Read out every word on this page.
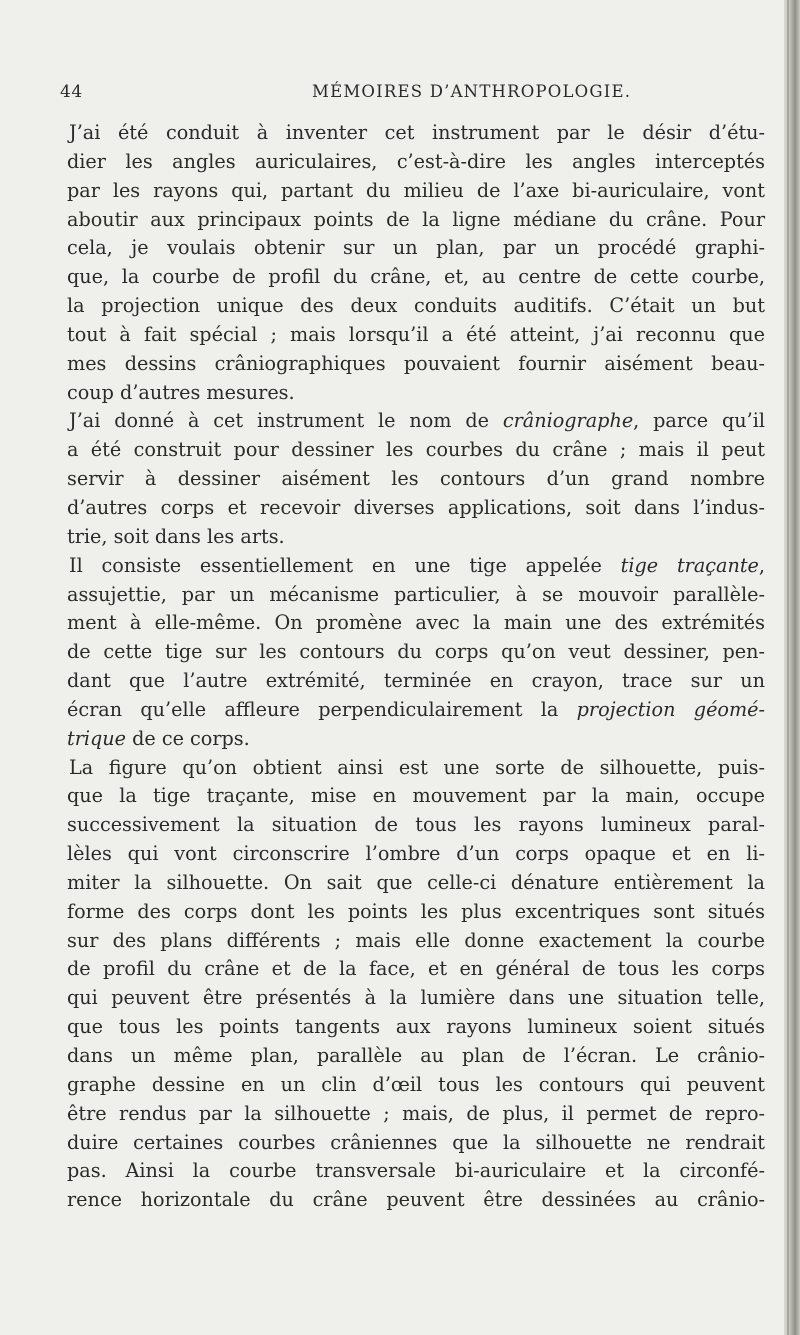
44	MÉMOIRES D’ANTHROPOLOGIE.
J’ai été conduit à inventer cet instrument par le désir d’étu-
dier les angles auriculaires, c’est-à-dire les angles interceptés
par les rayons qui, partant du milieu de l’axe bi-auriculaire, vont
aboutir aux principaux points de la ligne médiane du crâne. Pour
cela, je voulais obtenir sur un plan, par un procédé graphi-
que, la courbe de profil du crâne, et, au centre de cette courbe,
la projection unique des deux conduits auditifs. C’était un but
tout à fait spécial ; mais lorsqu’il a été atteint, j’ai reconnu que
mes dessins crâniographiques pouvaient fournir aisément beau-
coup d’autres mesures.
J’ai donné à cet instrument le nom de crâniographe, parce qu’il
a été construit pour dessiner les courbes du crâne ; mais il peut
servir à dessiner aisément les contours d’un grand nombre
d’autres corps et recevoir diverses applications, soit dans l’indus-
trie, soit dans les arts.
Il consiste essentiellement en une tige appelée tige traçante,
assujettie, par un mécanisme particulier, à se mouvoir parallèle-
ment à elle-même. On promène avec la main une des extrémités
de cette tige sur les contours du corps qu’on veut dessiner, pen-
dant que l’autre extrémité, terminée en crayon, trace sur un
écran qu’elle affleure perpendiculairement la projection géomé-
trique de ce corps.
La figure qu’on obtient ainsi est une sorte de silhouette, puis-
que la tige traçante, mise en mouvement par la main, occupe
successivement la situation de tous les rayons lumineux paral-
lèles qui vont circonscrire l’ombre d’un corps opaque et en li-
miter la silhouette. On sait que celle-ci dénature entièrement la
forme des corps dont les points les plus excentriques sont situés
sur des plans différents ; mais elle donne exactement la courbe
de profil du crâne et de la face, et en général de tous les corps
qui peuvent être présentés à la lumière dans une situation telle,
que tous les points tangents aux rayons lumineux soient situés
dans un même plan, parallèle au plan de l’écran. Le crânio-
graphe dessine en un clin d’œil tous les contours qui peuvent
être rendus par la silhouette ; mais, de plus, il permet de repro-
duire certaines courbes crâniennes que la silhouette ne rendrait
pas. Ainsi la courbe transversale bi-auriculaire et la circonfé-
rence horizontale du crâne peuvent être dessinées au crânio-
